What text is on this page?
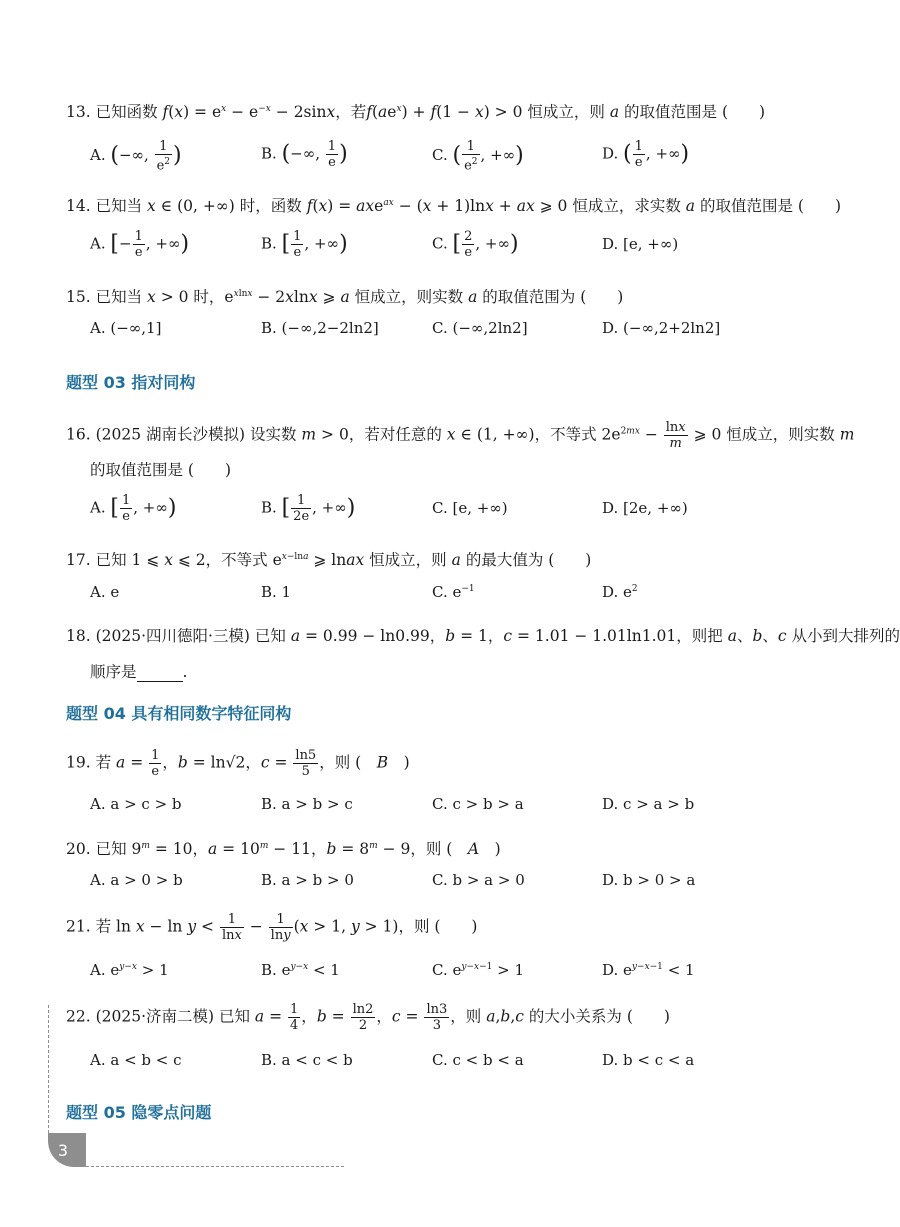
13. 已知函数 $f(x) = e^x - e^{-x} - 2\sin x$，若$f(ae^x) + f(1 - x) > 0$ 恒成立，则 a 的取值范围是 (　　)
A. (−∞, $\frac{1}{e^2}$ )	B. (−∞, $\frac{1}{e}$ )	C. ( $\frac{1}{e^2}$ , +∞)	D. ( $\frac{1}{e}$ , +∞)
14. 已知当 x ∈ (0, +∞) 时，函数 f(x) = axe$^{ax}$ − (x + 1)lnx + ax ⩾ 0 恒成立，求实数 a 的取值范围是 (　　)
A. [− $\frac{1}{e}$ , +∞)	B. [ $\frac{1}{e}$ , +∞)	C. [ $\frac{2}{e}$ , +∞)	D. [e, +∞)
15. 已知当 x > 0 时，$e^{xlnx} - 2xlnx$ ⩾ a 恒成立，则实数 a 的取值范围为 (　　)
A. (−∞,1]	B. (−∞,2−2ln2]	C. (−∞,2ln2]	D. (−∞,2+2ln2]
题型 03 指对同构
16. (2025 湖南长沙模拟) 设实数 m > 0，若对任意的 x ∈ (1, +∞)，不等式 $2e^{2mx} - \frac{\ln x}{m}$ ⩾ 0 恒成立，则实数 m
的取值范围是 (　　)
A. [ $\frac{1}{e}$ , +∞)	B. [ $\frac{1}{2e}$ , +∞)	C. [e, +∞)	D. [2e, +∞)
17. 已知 1 ⩽ x ⩽ 2，不等式 $e^{x-lna}$ ⩾ lnax 恒成立，则 a 的最大值为 (　　)
A. e	B. 1	C. $e^{-1}$	D. $e^2$
18. (2025·四川德阳·三模) 已知 a = 0.99 − ln0.99，b = 1，c = 1.01 − 1.01ln1.01，则把 a、b、c 从小到大排列的
顺序是	.
题型 04 具有相同数字特征同构
19. 若 $a = \frac{1}{e}$ ，b = ln√2，$c = \frac{\ln 5}{5}$ ，则 (　 B　 )
A. a > c > b	B. a > b > c	C. c > b > a	D. c > a > b
20. 已知 $9^m = 10$，$a = 10^m - 11$，$b = 8^m - 9$，则 (　 A　 )
A. a > 0 > b	B. a > b > 0	C. b > a > 0	D. b > 0 > a
21. 若 $\ln x - \ln y < \frac{1}{\ln x} - \frac{1}{\ln y} (x > 1$, y > 1)，则 (　　)
A. $e^{y-x} > 1$	B. $e^{y-x} < 1$	C. $e^{y-x-1} > 1$	D. $e^{y-x-1} < 1$
22. (2025·济南二模) 已知 $a = \frac{1}{4}$ ，$b = \frac{\ln 2}{2}$ ，$c = \frac{\ln 3}{3}$ ，则 a,b,c 的大小关系为 (　　)
A. a < b < c	B. a < c < b	C. c < b < a	D. b < c < a
题型 05 隐零点问题
3
